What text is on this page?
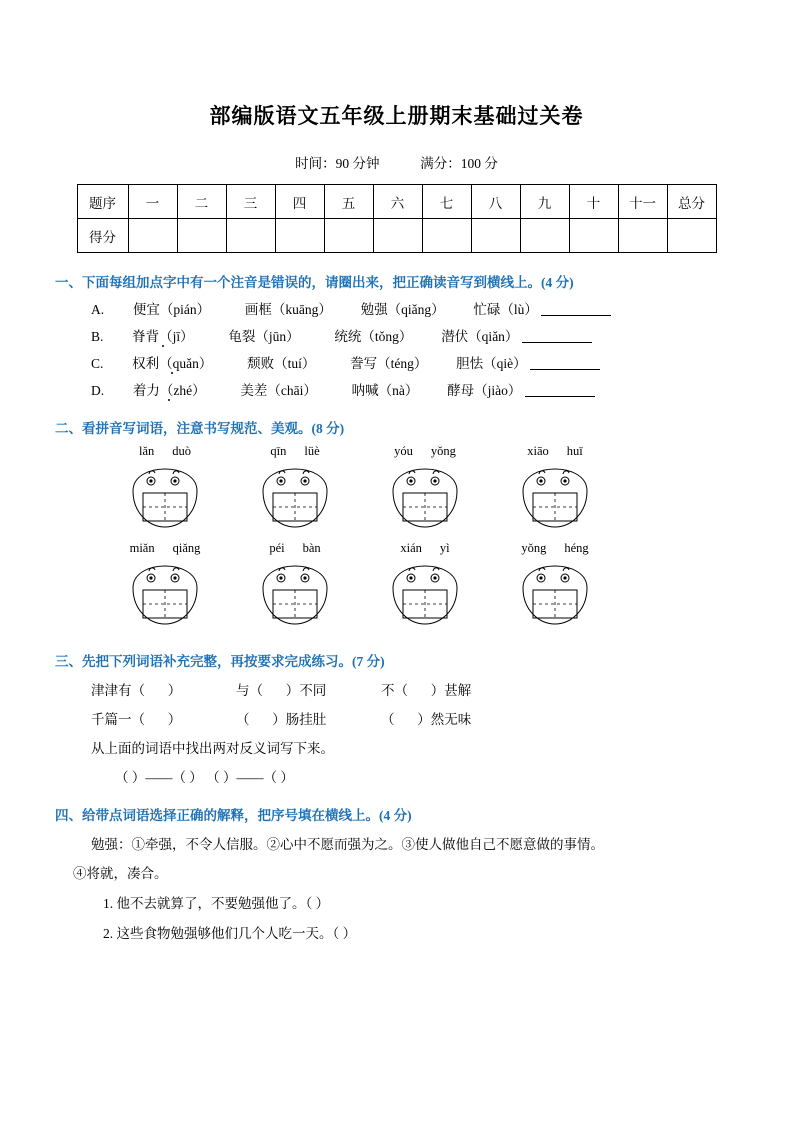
部编版语文五年级上册期末基础过关卷
时间：90 分钟	满分：100 分
题序	一	二	三	四	五	六	七	八	九	十	十一	总分
得分												
一、下面每组加点字中有一个注音是错误的，请圈出来，把正确读音写到横线上。(4 分)
A. 便宜（pián）	画框（kuāng） 勉强（qiǎng） 忙碌（lù）
B. 脊背（jī）	龟裂（jūn）	统统（tǒng） 潜伏（qiǎn）
C. 权利（quǎn）	颓败（tuí）	誊写（téng） 胆怯（qiè）
D. 着力（zhé）	美差（chāi）	呐喊（nà） 酵母（jiào）
二、看拼音写词语，注意书写规范、美观。(8 分)
lǎn duò	qīn lüè	yóu yǒng	xiāo huī
miǎn qiǎng	péi bàn	xián yì	yǒng héng
三、先把下列词语补充完整，再按要求完成练习。(7 分)
津津有（ ）	与（ ）不同	不（ ）甚解
千篇一（ ）	（ ）肠挂肚	（ ）然无味
从上面的词语中找出两对反义词写下来。
（ ）——（ ） （ ）——（ ）
四、给带点词语选择正确的解释，把序号填在横线上。(4 分)
勉强：①牵强，不令人信服。②心中不愿而强为之。③使人做他自己不愿意做的事情。
④将就，凑合。
1. 他不去就算了，不要勉强他了。（ ）
2. 这些食物勉强够他们几个人吃一天。（ ）
